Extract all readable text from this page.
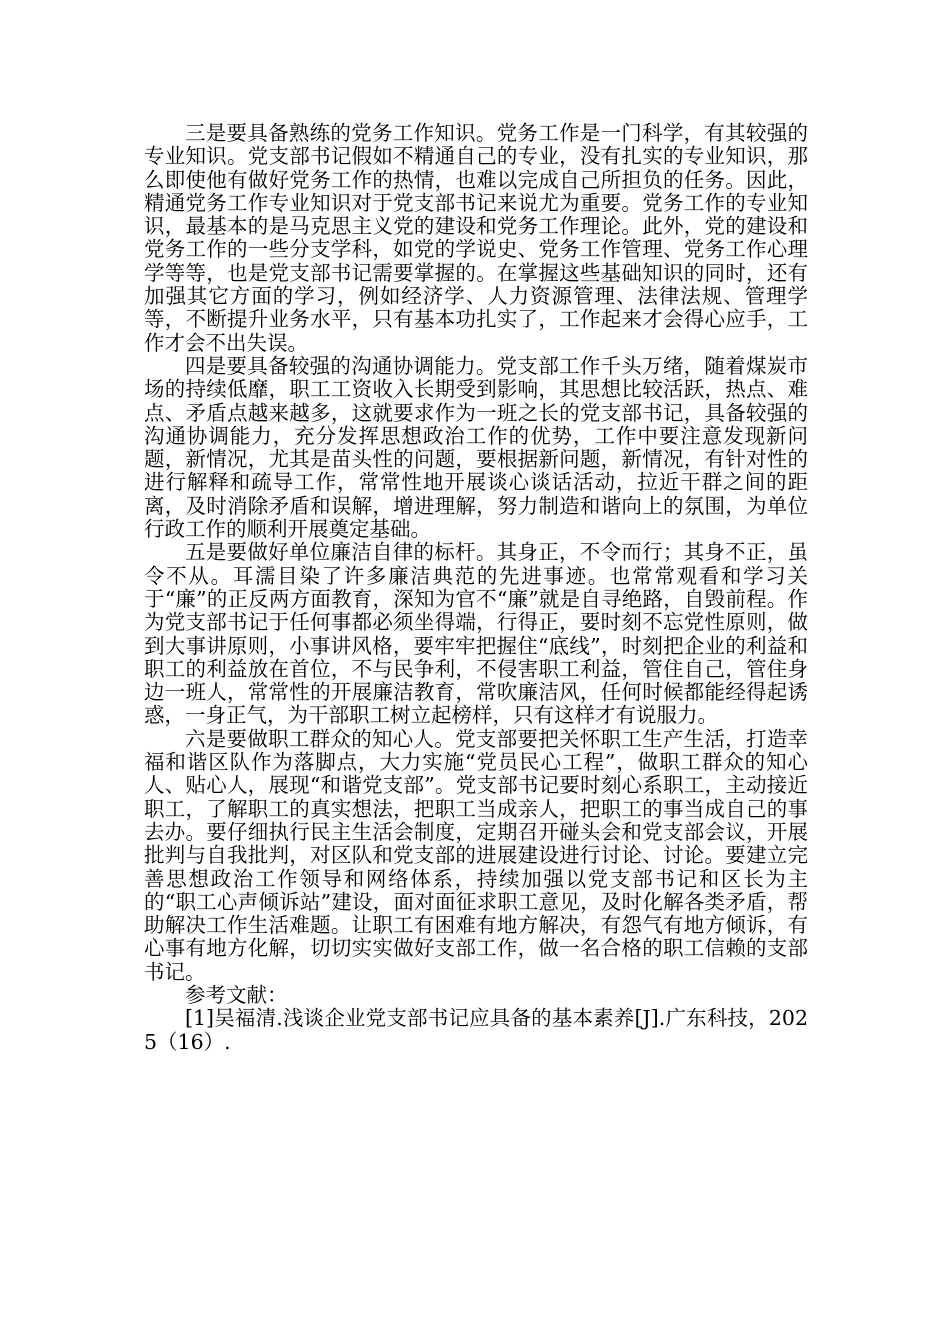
三是要具备熟练的党务工作知识。党务工作是一门科学，有其较强的专业知识。党支部书记假如不精通自己的专业，没有扎实的专业知识，那么即使他有做好党务工作的热情，也难以完成自己所担负的任务。因此，精通党务工作专业知识对于党支部书记来说尤为重要。党务工作的专业知识，最基本的是马克思主义党的建设和党务工作理论。此外，党的建设和党务工作的一些分支学科，如党的学说史、党务工作管理、党务工作心理学等等，也是党支部书记需要掌握的。在掌握这些基础知识的同时，还有加强其它方面的学习，例如经济学、人力资源管理、法律法规、管理学等，不断提升业务水平，只有基本功扎实了，工作起来才会得心应手，工作才会不出失误。

四是要具备较强的沟通协调能力。党支部工作千头万绪，随着煤炭市场的持续低靡，职工工资收入长期受到影响，其思想比较活跃，热点、难点、矛盾点越来越多，这就要求作为一班之长的党支部书记，具备较强的沟通协调能力，充分发挥思想政治工作的优势，工作中要注意发现新问题，新情况，尤其是苗头性的问题，要根据新问题，新情况，有针对性的进行解释和疏导工作，常常性地开展谈心谈话活动，拉近干群之间的距离，及时消除矛盾和误解，增进理解，努力制造和谐向上的氛围，为单位行政工作的顺利开展奠定基础。

五是要做好单位廉洁自律的标杆。其身正，不令而行；其身不正，虽令不从。耳濡目染了许多廉洁典范的先进事迹。也常常观看和学习关于“廉”的正反两方面教育，深知为官不“廉”就是自寻绝路，自毁前程。作为党支部书记于任何事都必须坐得端，行得正，要时刻不忘党性原则，做到大事讲原则，小事讲风格，要牢牢把握住“底线”，时刻把企业的利益和职工的利益放在首位，不与民争利，不侵害职工利益，管住自己，管住身边一班人，常常性的开展廉洁教育，常吹廉洁风，任何时候都能经得起诱惑，一身正气，为干部职工树立起榜样，只有这样才有说服力。

六是要做职工群众的知心人。党支部要把关怀职工生产生活，打造幸福和谐区队作为落脚点，大力实施“党员民心工程”，做职工群众的知心人、贴心人，展现“和谐党支部”。党支部书记要时刻心系职工，主动接近职工，了解职工的真实想法，把职工当成亲人，把职工的事当成自己的事去办。要仔细执行民主生活会制度，定期召开碰头会和党支部会议，开展批判与自我批判，对区队和党支部的进展建设进行讨论、讨论。要建立完善思想政治工作领导和网络体系，持续加强以党支部书记和区长为主的“职工心声倾诉站”建设，面对面征求职工意见，及时化解各类矛盾，帮助解决工作生活难题。让职工有困难有地方解决，有怨气有地方倾诉，有心事有地方化解，切切实实做好支部工作，做一名合格的职工信赖的支部书记。

参考文献：

[1]吴福清.浅谈企业党支部书记应具备的基本素养[J].广东科技，2025（16）.
